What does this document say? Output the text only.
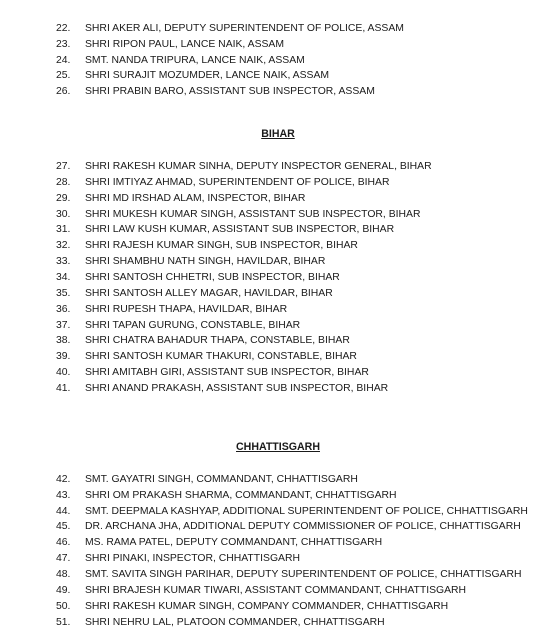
22.	SHRI AKER ALI, DEPUTY SUPERINTENDENT OF POLICE, ASSAM
23.	SHRI RIPON PAUL, LANCE NAIK, ASSAM
24.	SMT. NANDA TRIPURA, LANCE NAIK, ASSAM
25.	SHRI SURAJIT MOZUMDER, LANCE NAIK, ASSAM
26.	SHRI PRABIN BARO, ASSISTANT SUB INSPECTOR, ASSAM
BIHAR
27.	SHRI RAKESH KUMAR SINHA, DEPUTY INSPECTOR GENERAL, BIHAR
28.	SHRI IMTIYAZ AHMAD, SUPERINTENDENT OF POLICE, BIHAR
29.	SHRI MD IRSHAD ALAM, INSPECTOR, BIHAR
30.	SHRI MUKESH KUMAR SINGH, ASSISTANT SUB INSPECTOR, BIHAR
31.	SHRI LAW KUSH KUMAR, ASSISTANT SUB INSPECTOR, BIHAR
32.	SHRI RAJESH KUMAR SINGH, SUB INSPECTOR, BIHAR
33.	SHRI SHAMBHU NATH SINGH, HAVILDAR, BIHAR
34.	SHRI SANTOSH CHHETRI, SUB INSPECTOR, BIHAR
35.	SHRI SANTOSH ALLEY MAGAR, HAVILDAR, BIHAR
36.	SHRI RUPESH THAPA, HAVILDAR, BIHAR
37.	SHRI TAPAN GURUNG, CONSTABLE, BIHAR
38.	SHRI CHATRA BAHADUR THAPA, CONSTABLE, BIHAR
39.	SHRI SANTOSH KUMAR THAKURI, CONSTABLE, BIHAR
40.	SHRI AMITABH GIRI, ASSISTANT SUB INSPECTOR, BIHAR
41.	SHRI ANAND PRAKASH, ASSISTANT SUB INSPECTOR, BIHAR
CHHATTISGARH
42.	SMT. GAYATRI SINGH, COMMANDANT, CHHATTISGARH
43.	SHRI OM PRAKASH SHARMA, COMMANDANT, CHHATTISGARH
44.	SMT. DEEPMALA KASHYAP, ADDITIONAL SUPERINTENDENT OF POLICE, CHHATTISGARH
45.	DR. ARCHANA JHA, ADDITIONAL DEPUTY COMMISSIONER OF POLICE, CHHATTISGARH
46.	MS. RAMA PATEL, DEPUTY COMMANDANT, CHHATTISGARH
47.	SHRI PINAKI, INSPECTOR, CHHATTISGARH
48.	SMT. SAVITA SINGH PARIHAR, DEPUTY SUPERINTENDENT OF POLICE, CHHATTISGARH
49.	SHRI BRAJESH KUMAR TIWARI, ASSISTANT COMMANDANT, CHHATTISGARH
50.	SHRI RAKESH KUMAR SINGH, COMPANY COMMANDER, CHHATTISGARH
51.	SHRI NEHRU LAL, PLATOON COMMANDER, CHHATTISGARH
